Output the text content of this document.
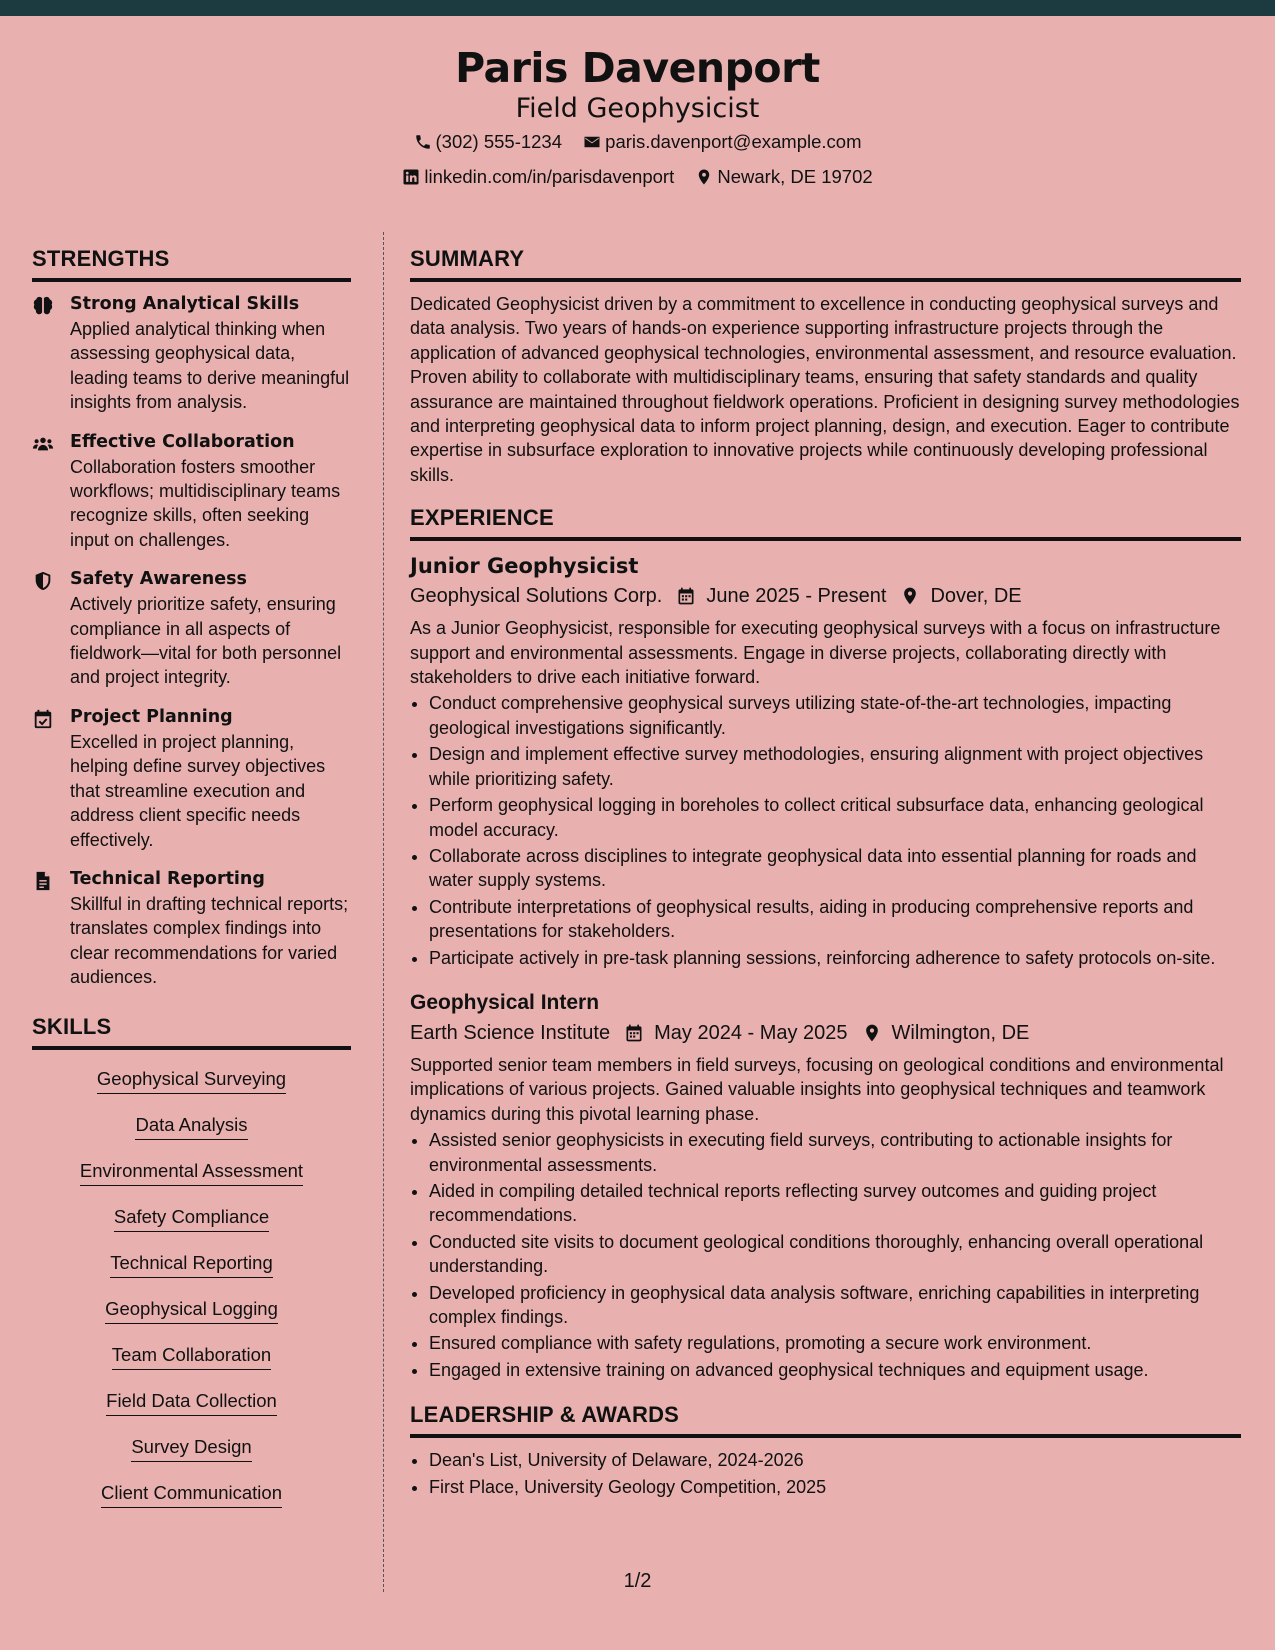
Paris Davenport
Field Geophysicist
(302) 555-1234
paris.davenport@example.com
linkedin.com/in/parisdavenport
Newark, DE 19702
STRENGTHS
Strong Analytical Skills
Applied analytical thinking when assessing geophysical data, leading teams to derive meaningful insights from analysis.
Effective Collaboration
Collaboration fosters smoother workflows; multidisciplinary teams recognize skills, often seeking input on challenges.
Safety Awareness
Actively prioritize safety, ensuring compliance in all aspects of fieldwork—vital for both personnel and project integrity.
Project Planning
Excelled in project planning, helping define survey objectives that streamline execution and address client specific needs effectively.
Technical Reporting
Skillful in drafting technical reports; translates complex findings into clear recommendations for varied audiences.
SKILLS
Geophysical Surveying
Data Analysis
Environmental Assessment
Safety Compliance
Technical Reporting
Geophysical Logging
Team Collaboration
Field Data Collection
Survey Design
Client Communication
SUMMARY
Dedicated Geophysicist driven by a commitment to excellence in conducting geophysical surveys and data analysis. Two years of hands-on experience supporting infrastructure projects through the application of advanced geophysical technologies, environmental assessment, and resource evaluation. Proven ability to collaborate with multidisciplinary teams, ensuring that safety standards and quality assurance are maintained throughout fieldwork operations. Proficient in designing survey methodologies and interpreting geophysical data to inform project planning, design, and execution. Eager to contribute expertise in subsurface exploration to innovative projects while continuously developing professional skills.
EXPERIENCE
Junior Geophysicist
Geophysical Solutions Corp. June 2025 - Present Dover, DE
As a Junior Geophysicist, responsible for executing geophysical surveys with a focus on infrastructure support and environmental assessments. Engage in diverse projects, collaborating directly with stakeholders to drive each initiative forward.
• Conduct comprehensive geophysical surveys utilizing state-of-the-art technologies, impacting geological investigations significantly.
• Design and implement effective survey methodologies, ensuring alignment with project objectives while prioritizing safety.
• Perform geophysical logging in boreholes to collect critical subsurface data, enhancing geological model accuracy.
• Collaborate across disciplines to integrate geophysical data into essential planning for roads and water supply systems.
• Contribute interpretations of geophysical results, aiding in producing comprehensive reports and presentations for stakeholders.
• Participate actively in pre-task planning sessions, reinforcing adherence to safety protocols on-site.
Geophysical Intern
Earth Science Institute May 2024 - May 2025 Wilmington, DE
Supported senior team members in field surveys, focusing on geological conditions and environmental implications of various projects. Gained valuable insights into geophysical techniques and teamwork dynamics during this pivotal learning phase.
• Assisted senior geophysicists in executing field surveys, contributing to actionable insights for environmental assessments.
• Aided in compiling detailed technical reports reflecting survey outcomes and guiding project recommendations.
• Conducted site visits to document geological conditions thoroughly, enhancing overall operational understanding.
• Developed proficiency in geophysical data analysis software, enriching capabilities in interpreting complex findings.
• Ensured compliance with safety regulations, promoting a secure work environment.
• Engaged in extensive training on advanced geophysical techniques and equipment usage.
LEADERSHIP & AWARDS
• Dean's List, University of Delaware, 2024-2026
• First Place, University Geology Competition, 2025
1/2
